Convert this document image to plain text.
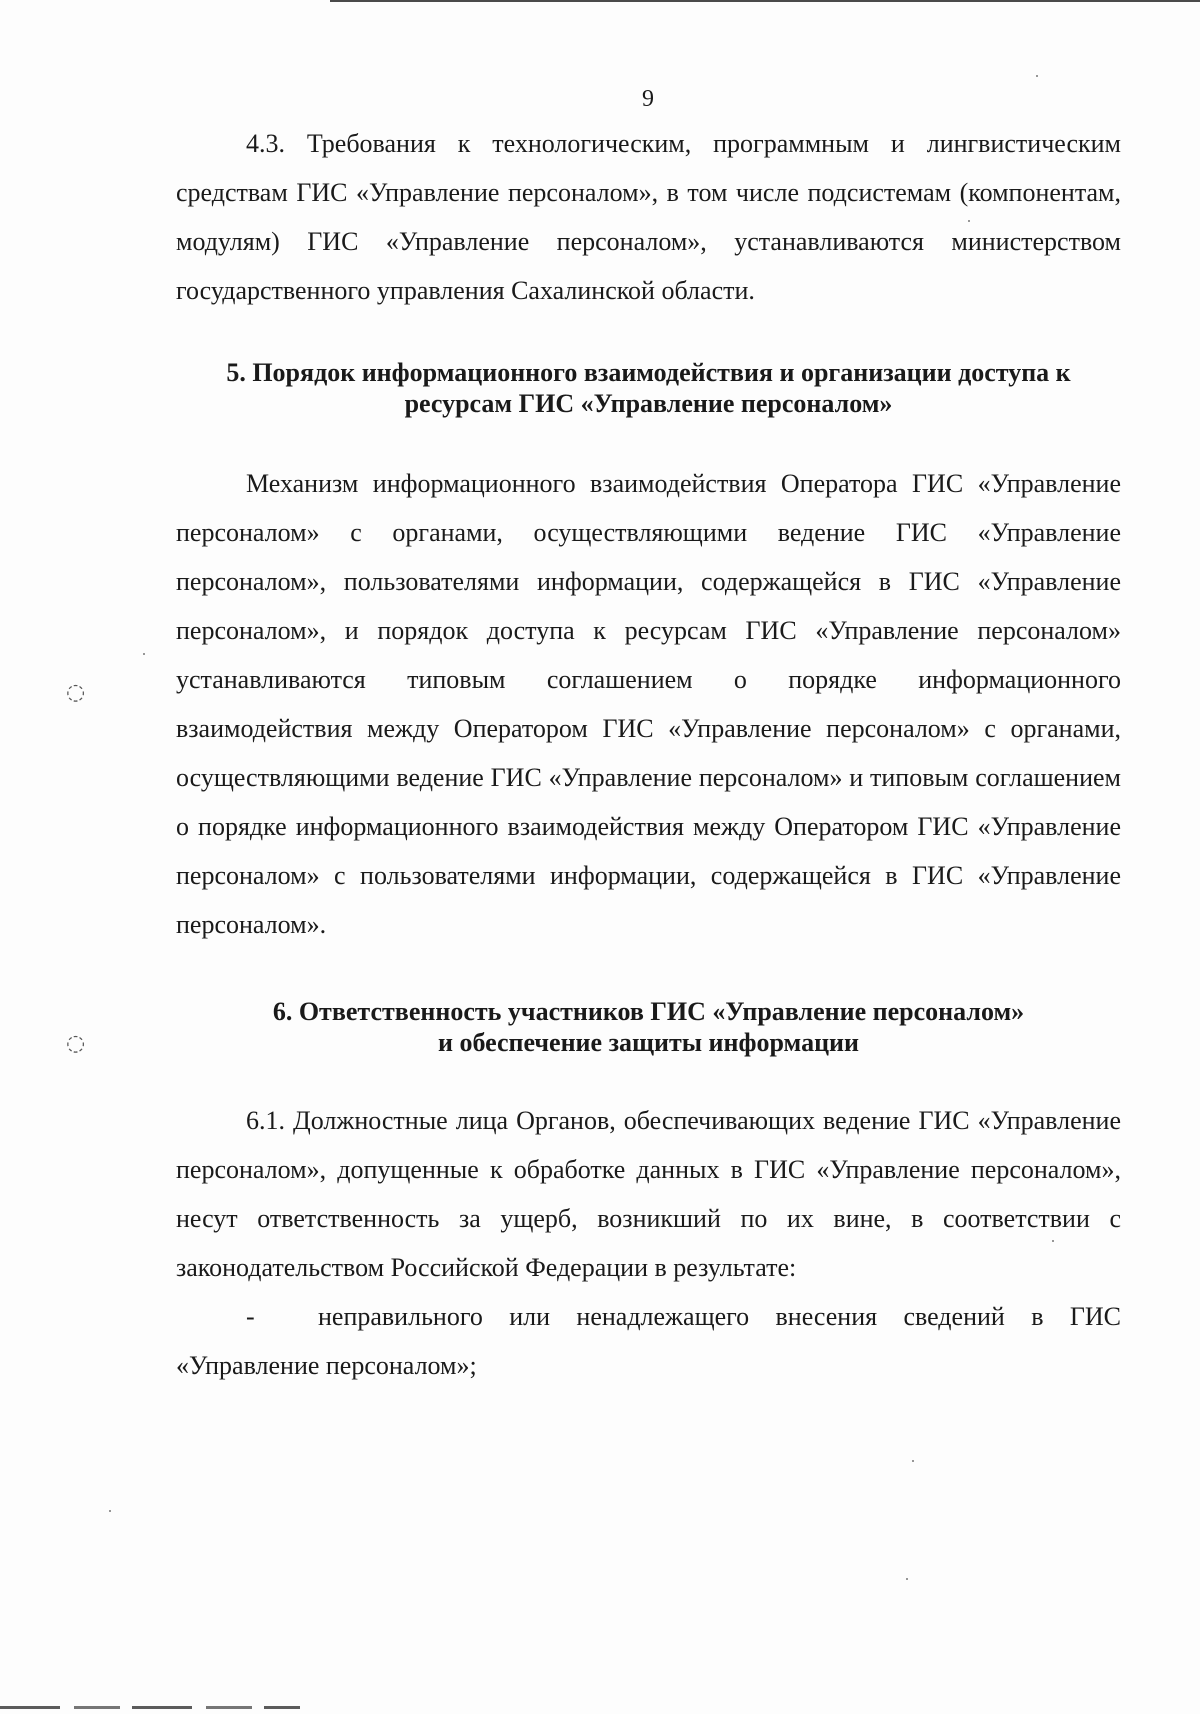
9

4.3. Требования к технологическим, программным и лингвистическим средствам ГИС «Управление персоналом», в том числе подсистемам (компонентам, модулям) ГИС «Управление персоналом», устанавливаются министерством государственного управления Сахалинской области.

5. Порядок информационного взаимодействия и организации доступа к
ресурсам ГИС «Управление персоналом»

Механизм информационного взаимодействия Оператора ГИС «Управление персоналом» с органами, осуществляющими ведение ГИС «Управление персоналом», пользователями информации, содержащейся в ГИС «Управление персоналом», и порядок доступа к ресурсам ГИС «Управление персоналом» устанавливаются типовым соглашением о порядке информационного взаимодействия между Оператором ГИС «Управление персоналом» с органами, осуществляющими ведение ГИС «Управление персоналом» и типовым соглашением о порядке информационного взаимодействия между Оператором ГИС «Управление персоналом» с пользователями информации, содержащейся в ГИС «Управление персоналом».

6. Ответственность участников ГИС «Управление персоналом»
и обеспечение защиты информации

6.1. Должностные лица Органов, обеспечивающих ведение ГИС «Управление персоналом», допущенные к обработке данных в ГИС «Управление персоналом», несут ответственность за ущерб, возникший по их вине, в соответствии с законодательством Российской Федерации в результате:

- неправильного или ненадлежащего внесения сведений в ГИС «Управление персоналом»;

◌
◌
